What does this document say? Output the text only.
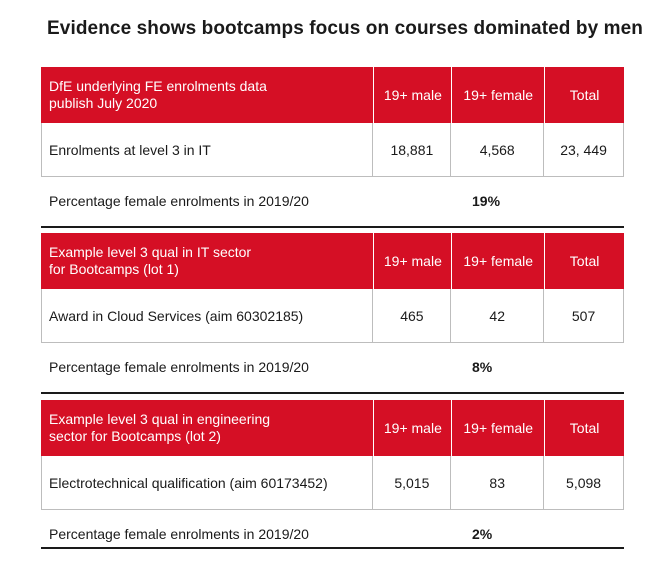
Evidence shows bootcamps focus on courses dominated by men
DfE underlying FE enrolments data
publish July 2020	19+ male	19+ female	Total
Enrolments at level 3 in IT	18,881	4,568	23, 449
Percentage female enrolments in 2019/20	19%
Example level 3 qual in IT sector
for Bootcamps (lot 1)	19+ male	19+ female	Total
Award in Cloud Services (aim 60302185)	465	42	507
Percentage female enrolments in 2019/20	8%
Example level 3 qual in engineering
sector for Bootcamps (lot 2)	19+ male	19+ female	Total
Electrotechnical qualification (aim 60173452)	5,015	83	5,098
Percentage female enrolments in 2019/20	2%
